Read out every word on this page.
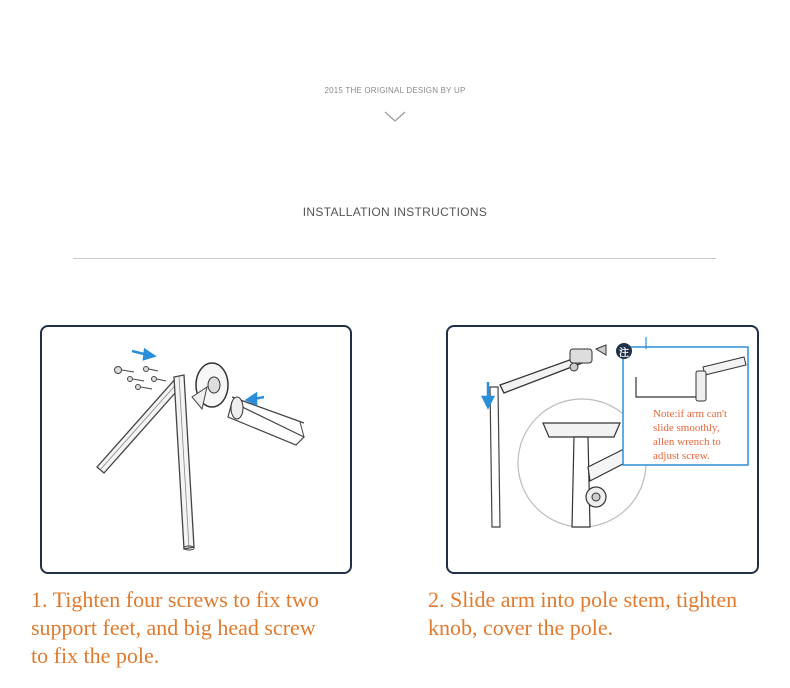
2015 THE ORIGINAL DESIGN BY UP
INSTALLATION INSTRUCTIONS
注
Note:if arm can't
slide smoothly,
allen wrench to
adjust screw.
1. Tighten four screws to fix two
support feet, and big head screw
to fix the pole.
2. Slide arm into pole stem, tighten
knob, cover the pole.
